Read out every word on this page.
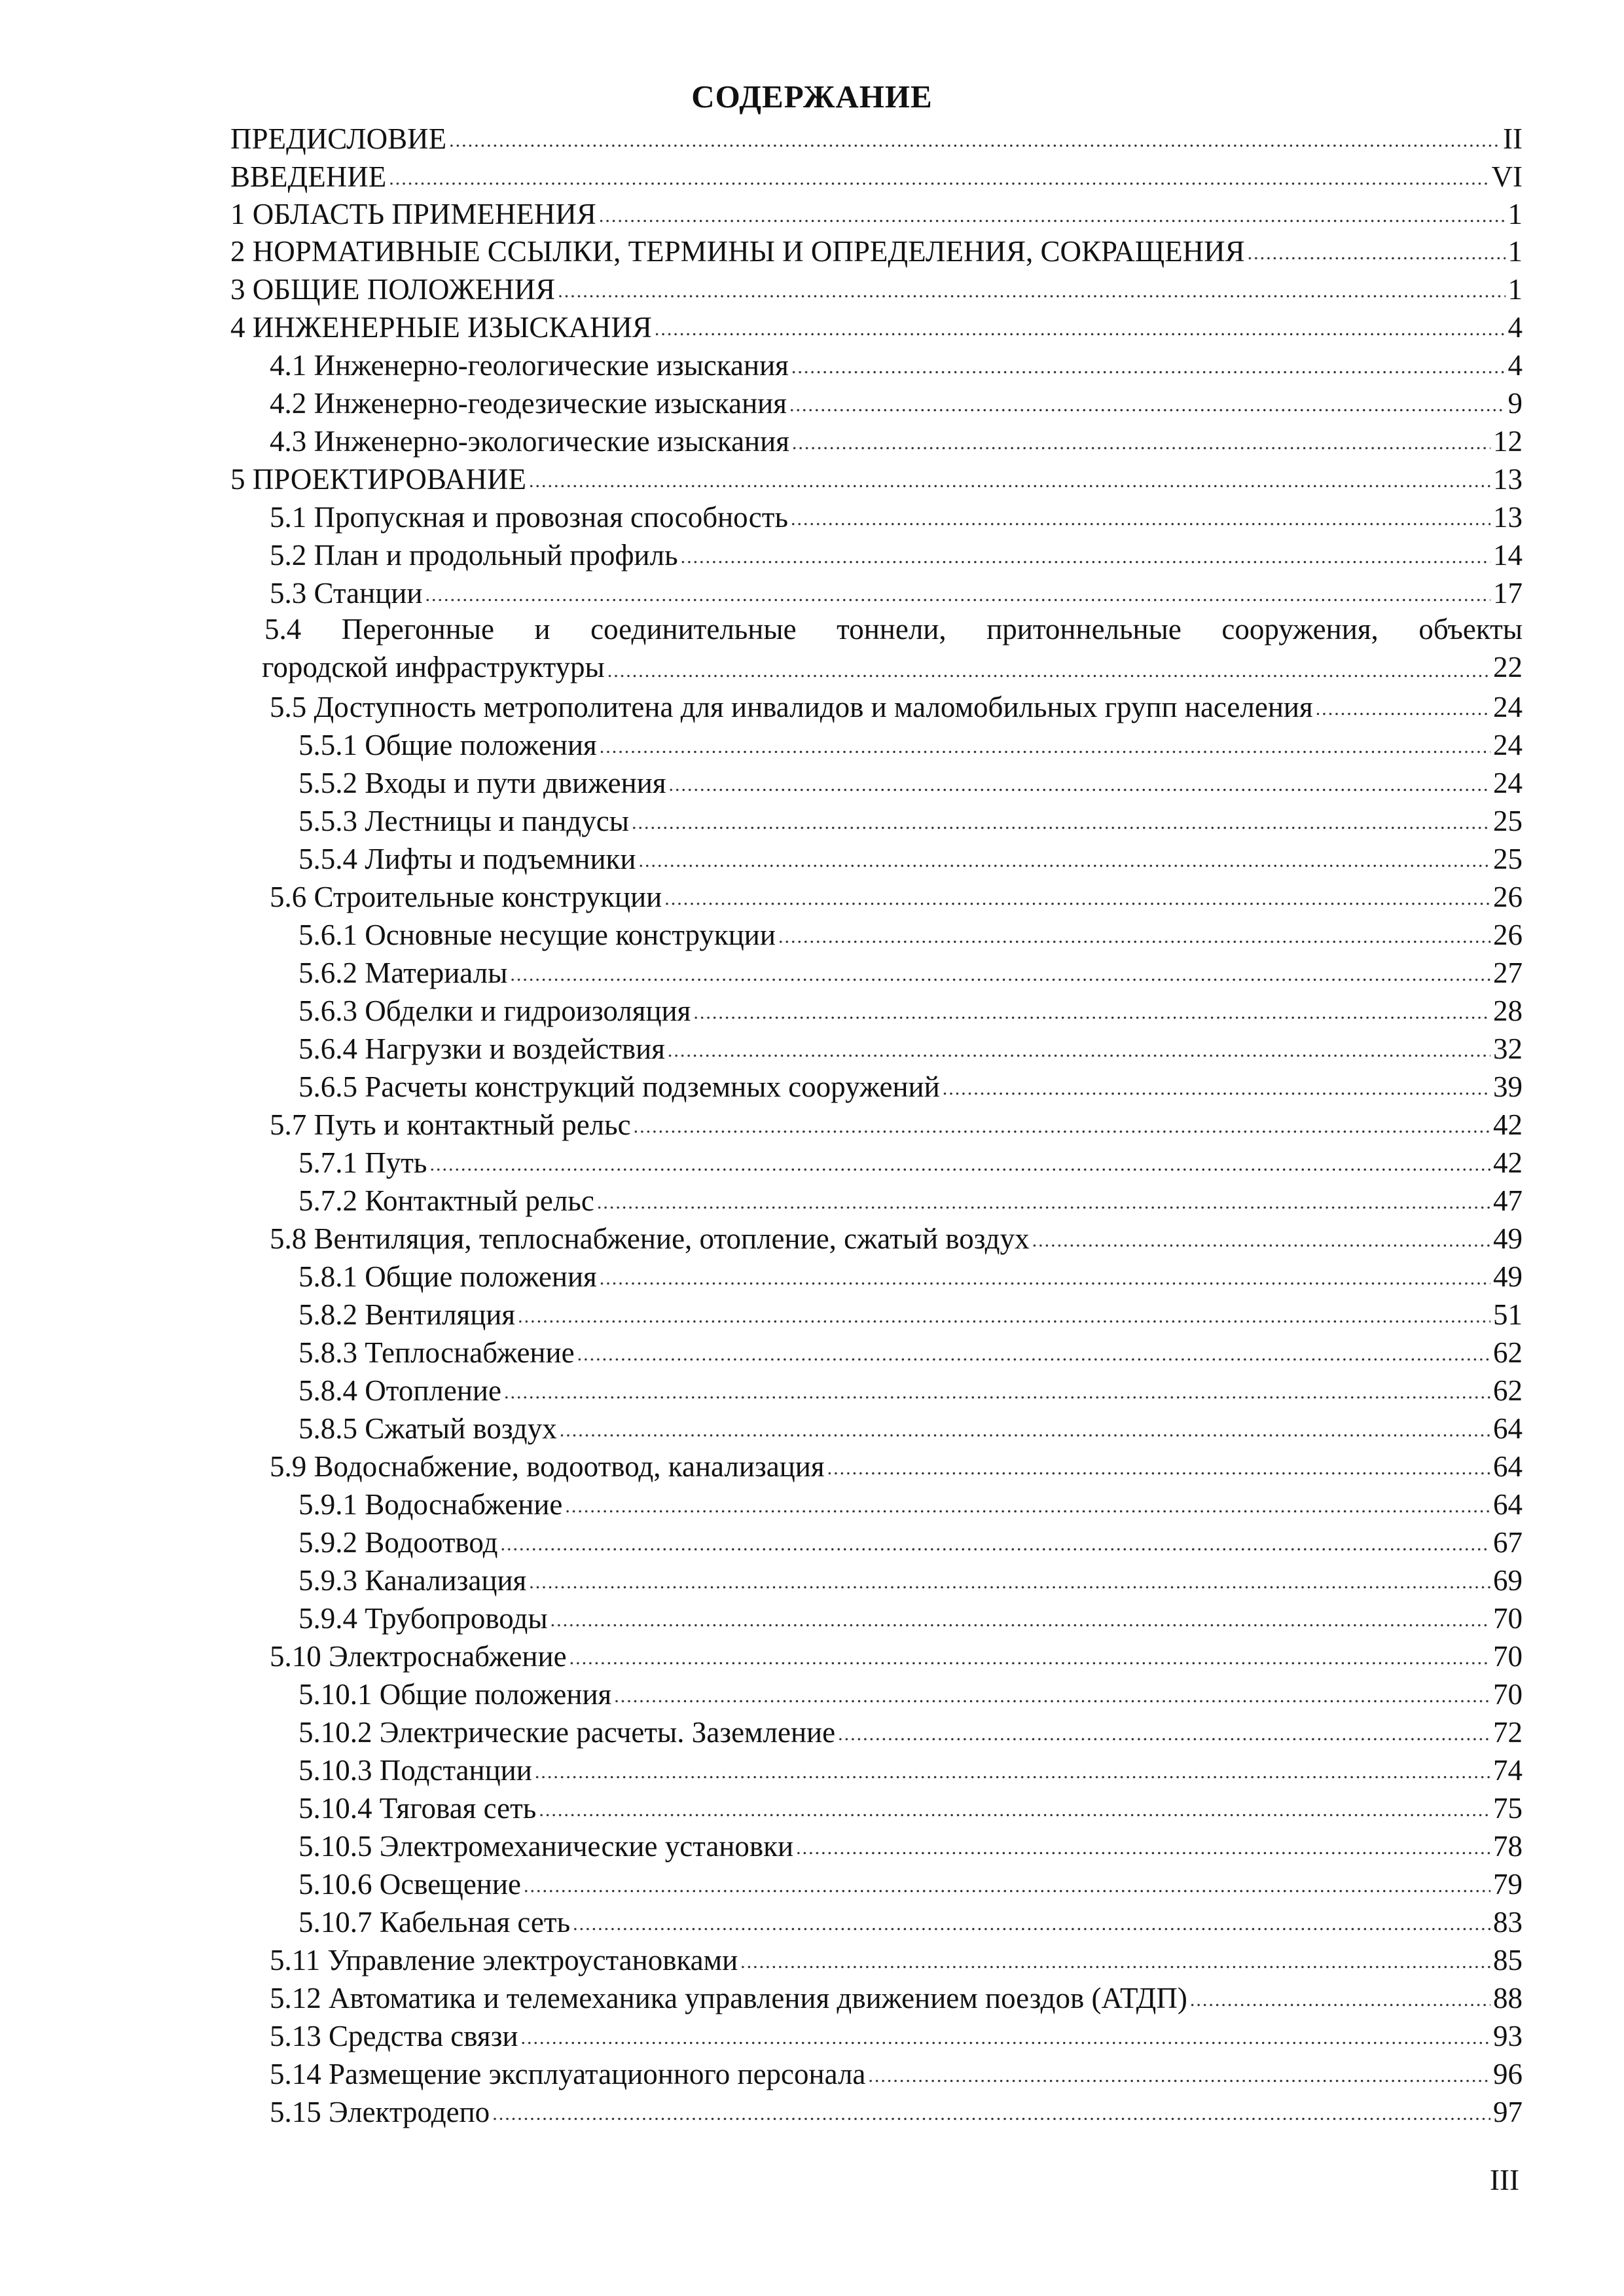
СОДЕРЖАНИЕ
ПРЕДИСЛОВИЕ .....	II
ВВЕДЕНИЕ .....	VI
1 ОБЛАСТЬ ПРИМЕНЕНИЯ .....	1
2 НОРМАТИВНЫЕ ССЫЛКИ, ТЕРМИНЫ И ОПРЕДЕЛЕНИЯ, СОКРАЩЕНИЯ .....	1
3 ОБЩИЕ ПОЛОЖЕНИЯ .....	1
4 ИНЖЕНЕРНЫЕ ИЗЫСКАНИЯ .....	4
4.1 Инженерно-геологические изыскания .....	4
4.2 Инженерно-геодезические изыскания .....	9
4.3 Инженерно-экологические изыскания .....	12
5 ПРОЕКТИРОВАНИЕ .....	13
5.1 Пропускная и провозная способность .....	13
5.2 План и продольный профиль .....	14
5.3 Станции .....	17
5.4 Перегонные и соединительные тоннели, притоннельные сооружения, объекты
городской инфраструктуры .....	22
5.5 Доступность метрополитена для инвалидов и маломобильных групп населения .....	24
5.5.1 Общие положения .....	24
5.5.2 Входы и пути движения .....	24
5.5.3 Лестницы и пандусы .....	25
5.5.4 Лифты и подъемники .....	25
5.6 Строительные конструкции .....	26
5.6.1 Основные несущие конструкции .....	26
5.6.2 Материалы .....	27
5.6.3 Обделки и гидроизоляция .....	28
5.6.4 Нагрузки и воздействия .....	32
5.6.5 Расчеты конструкций подземных сооружений .....	39
5.7 Путь и контактный рельс .....	42
5.7.1 Путь .....	42
5.7.2 Контактный рельс .....	47
5.8 Вентиляция, теплоснабжение, отопление, сжатый воздух .....	49
5.8.1 Общие положения .....	49
5.8.2 Вентиляция .....	51
5.8.3 Теплоснабжение .....	62
5.8.4 Отопление .....	62
5.8.5 Сжатый воздух .....	64
5.9 Водоснабжение, водоотвод, канализация .....	64
5.9.1 Водоснабжение .....	64
5.9.2 Водоотвод .....	67
5.9.3 Канализация .....	69
5.9.4 Трубопроводы .....	70
5.10 Электроснабжение .....	70
5.10.1 Общие положения .....	70
5.10.2 Электрические расчеты. Заземление .....	72
5.10.3 Подстанции .....	74
5.10.4 Тяговая сеть .....	75
5.10.5 Электромеханические установки .....	78
5.10.6 Освещение .....	79
5.10.7 Кабельная сеть .....	83
5.11 Управление электроустановками .....	85
5.12 Автоматика и телемеханика управления движением поездов (АТДП) .....	88
5.13 Средства связи .....	93
5.14 Размещение эксплуатационного персонала .....	96
5.15 Электродепо .....	97
III
